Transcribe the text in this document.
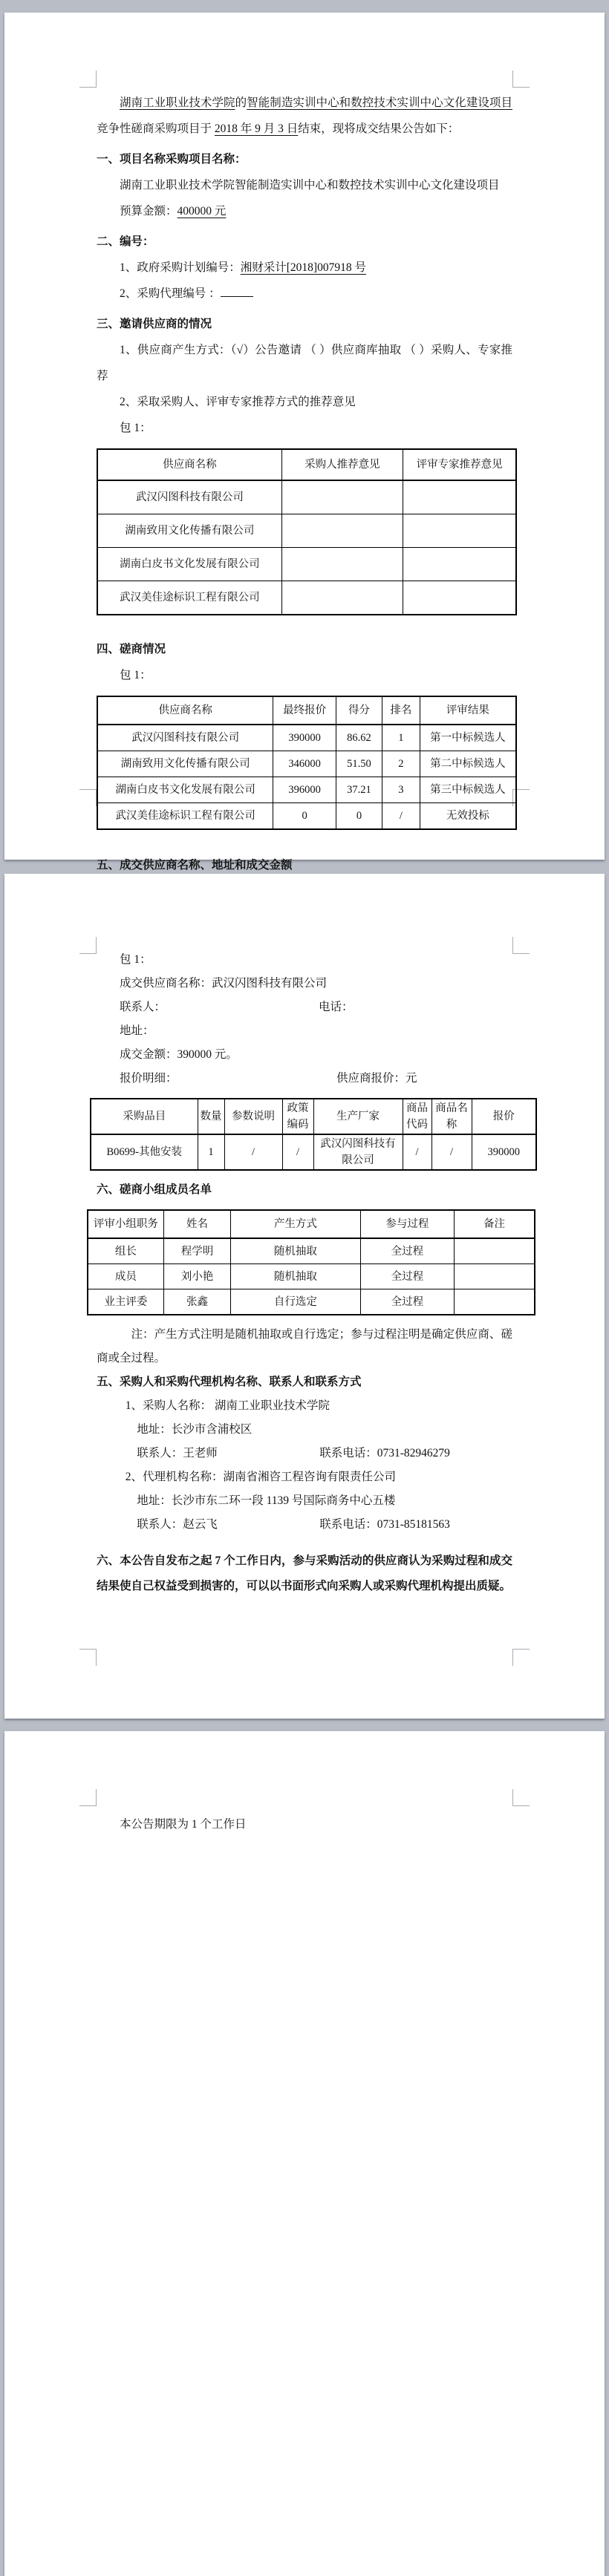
湖南工业职业技术学院的智能制造实训中心和数控技术实训中心文化建设项目 竞争性磋商采购项目于 2018 年 9 月 3 日结束，现将成交结果公告如下：

一、项目名称采购项目名称：

湖南工业职业技术学院智能制造实训中心和数控技术实训中心文化建设项目

预算金额：400000 元

二、编号：

1、政府采购计划编号：湘财采计[2018]007918 号

2、采购代理编号 ：

三、邀请供应商的情况

1、供应商产生方式：（√）公告邀请 （ ）供应商库抽取 （ ）采购人、专家推荐

2、采取采购人、评审专家推荐方式的推荐意见

包 1：

供应商名称	采购人推荐意见	评审专家推荐意见
武汉闪图科技有限公司		
湖南致用文化传播有限公司		
湖南白皮书文化发展有限公司		
武汉美佳途标识工程有限公司		

四、磋商情况

包 1：

供应商名称	最终报价	得分	排名	评审结果
武汉闪图科技有限公司	390000	86.62	1	第一中标候选人
湖南致用文化传播有限公司	346000	51.50	2	第二中标候选人
湖南白皮书文化发展有限公司	396000	37.21	3	第三中标候选人
武汉美佳途标识工程有限公司	0	0	/	无效投标

五、成交供应商名称、地址和成交金额

包 1：

成交供应商名称：武汉闪图科技有限公司

联系人：	电话：

地址：

成交金额：390000 元。

报价明细：	供应商报价：元

采购品目	数量	参数说明	政策编码	生产厂家	商品代码	商品名称	报价
B0699-其他安装	1	/	/	武汉闪图科技有限公司	/	/	390000

六、磋商小组成员名单

评审小组职务	姓名	产生方式	参与过程	备注
组长	程学明	随机抽取	全过程	
成员	刘小艳	随机抽取	全过程	
业主评委	张鑫	自行选定	全过程	

注：产生方式注明是随机抽取或自行选定；参与过程注明是确定供应商、磋商或全过程。

五、采购人和采购代理机构名称、联系人和联系方式

1、采购人名称： 湖南工业职业技术学院

地址：长沙市含浦校区

联系人：王老师	联系电话：0731-82946279

2、代理机构名称：湖南省湘咨工程咨询有限责任公司

地址：长沙市东二环一段 1139 号国际商务中心五楼

联系人：赵云飞	联系电话：0731-85181563

六、本公告自发布之起 7 个工作日内，参与采购活动的供应商认为采购过程和成交结果使自己权益受到损害的，可以以书面形式向采购人或采购代理机构提出质疑。

本公告期限为 1 个工作日
